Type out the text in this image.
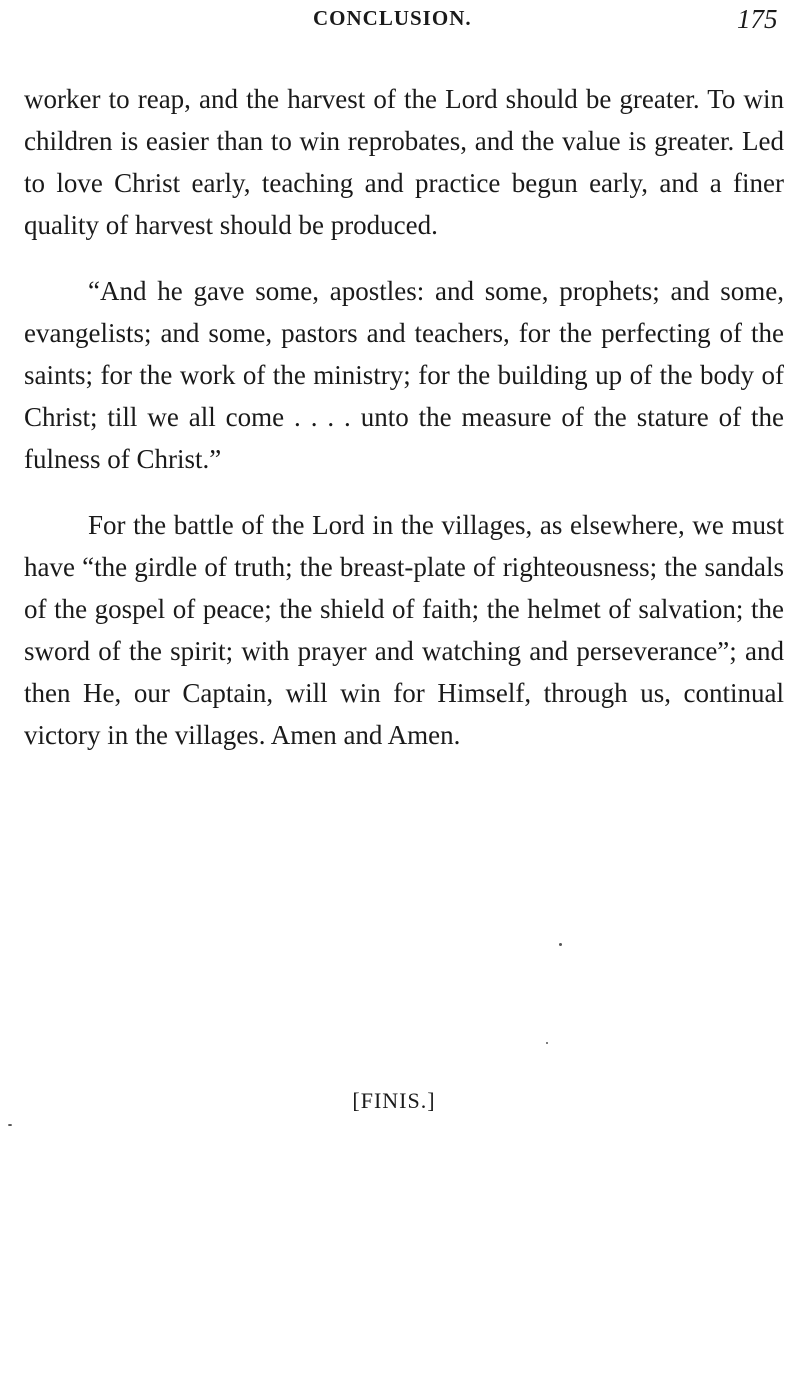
CONCLUSION.	175

worker to reap, and the harvest of the Lord should be greater. To win children is easier than to win reprobates, and the value is greater. Led to love Christ early, teaching and practice begun early, and a finer quality of harvest should be produced.

“And he gave some, apostles: and some, prophets; and some, evangelists; and some, pastors and teachers, for the perfecting of the saints; for the work of the ministry; for the building up of the body of Christ; till we all come . . . . unto the measure of the stature of the fulness of Christ.”

For the battle of the Lord in the villages, as elsewhere, we must have “the girdle of truth; the breast-plate of righteousness; the sandals of the gospel of peace; the shield of faith; the helmet of salvation; the sword of the spirit; with prayer and watching and perseverance”; and then He, our Captain, will win for Himself, through us, continual victory in the villages. Amen and Amen.

[FINIS.]
